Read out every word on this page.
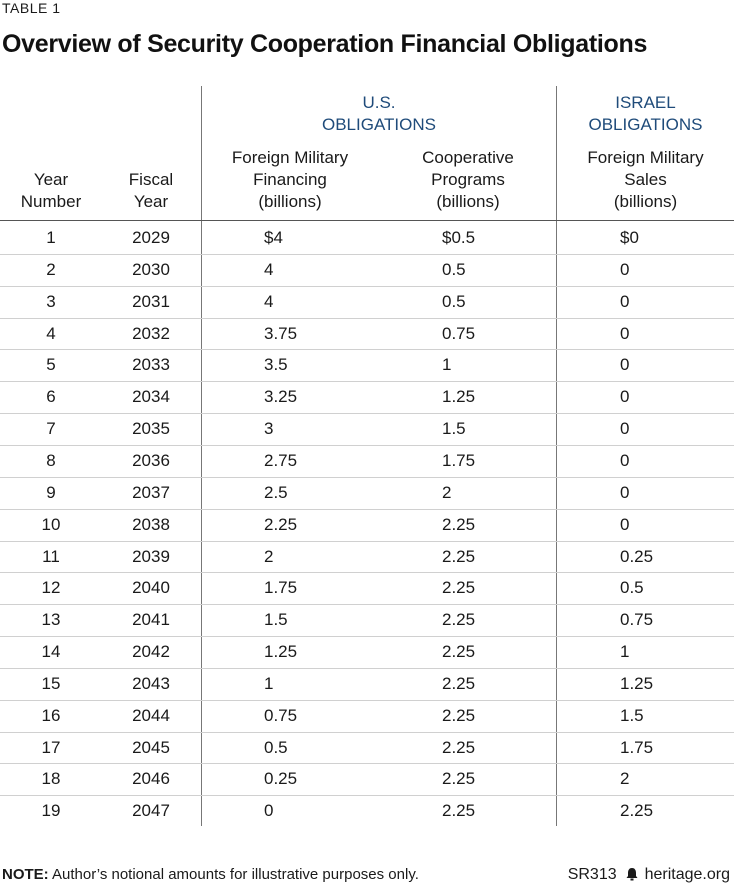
TABLE 1
Overview of Security Cooperation Financial Obligations
U.S.
OBLIGATIONS
ISRAEL
OBLIGATIONS
Year
Number
Fiscal
Year
Foreign Military
Financing
(billions)
Cooperative
Programs
(billions)
Foreign Military
Sales
(billions)
1	2029	$4	$0.5	$0
2	2030	4	0.5	0
3	2031	4	0.5	0
4	2032	3.75	0.75	0
5	2033	3.5	1	0
6	2034	3.25	1.25	0
7	2035	3	1.5	0
8	2036	2.75	1.75	0
9	2037	2.5	2	0
10	2038	2.25	2.25	0
11	2039	2	2.25	0.25
12	2040	1.75	2.25	0.5
13	2041	1.5	2.25	0.75
14	2042	1.25	2.25	1
15	2043	1	2.25	1.25
16	2044	0.75	2.25	1.5
17	2045	0.5	2.25	1.75
18	2046	0.25	2.25	2
19	2047	0	2.25	2.25
NOTE: Author’s notional amounts for illustrative purposes only.	SR313 heritage.org
